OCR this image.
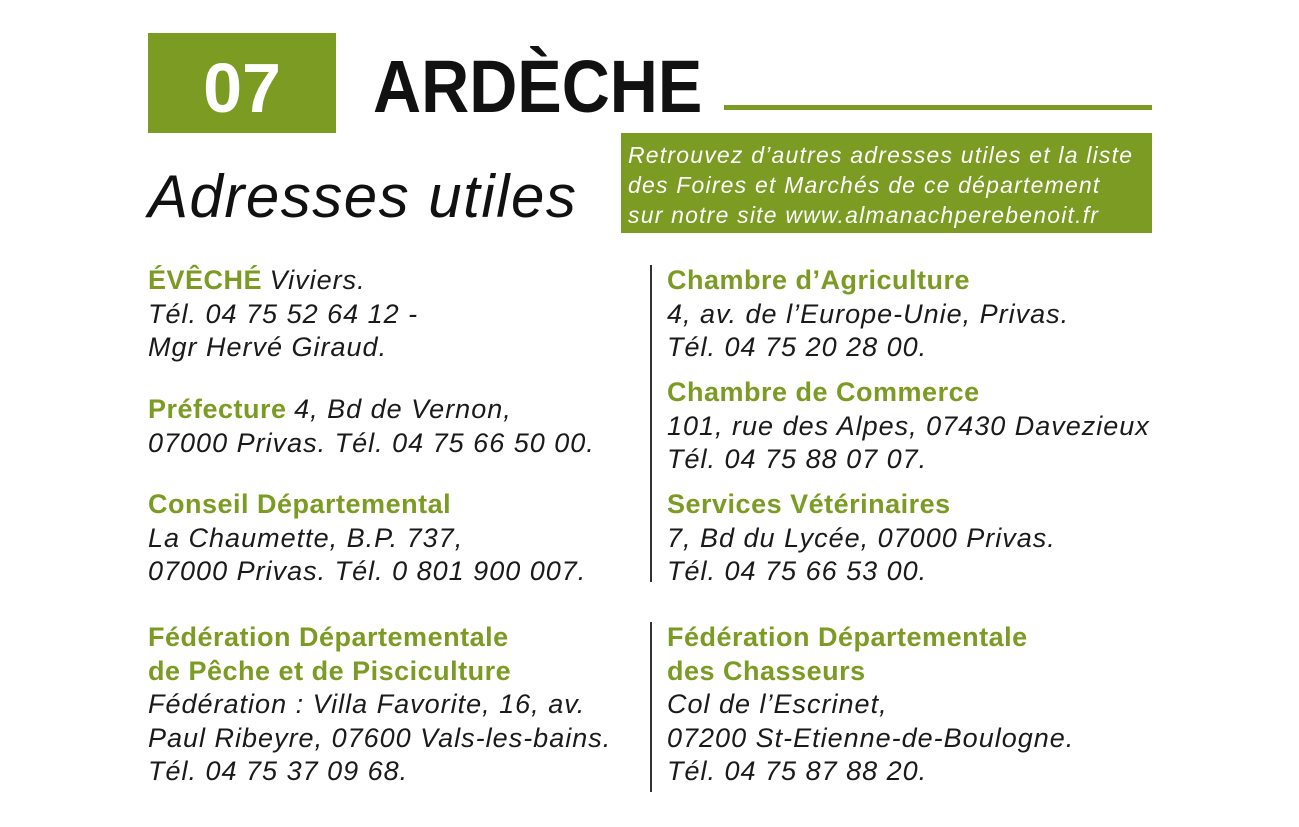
07	ARDÈCHE
Adresses utiles
Retrouvez d’autres adresses utiles et la liste
des Foires et Marchés de ce département
sur notre site www.almanachperebenoit.fr
ÉVÊCHÉ Viviers.
Tél. 04 75 52 64 12 -
Mgr Hervé Giraud.
Préfecture 4, Bd de Vernon,
07000 Privas. Tél. 04 75 66 50 00.
Conseil Départemental
La Chaumette, B.P. 737,
07000 Privas. Tél. 0 801 900 007.
Fédération Départementale
de Pêche et de Pisciculture
Fédération : Villa Favorite, 16, av.
Paul Ribeyre, 07600 Vals-les-bains.
Tél. 04 75 37 09 68.
Chambre d’Agriculture
4, av. de l’Europe-Unie, Privas.
Tél. 04 75 20 28 00.
Chambre de Commerce
101, rue des Alpes, 07430 Davezieux
Tél. 04 75 88 07 07.
Services Vétérinaires
7, Bd du Lycée, 07000 Privas.
Tél. 04 75 66 53 00.
Fédération Départementale
des Chasseurs
Col de l’Escrinet,
07200 St-Etienne-de-Boulogne.
Tél. 04 75 87 88 20.
